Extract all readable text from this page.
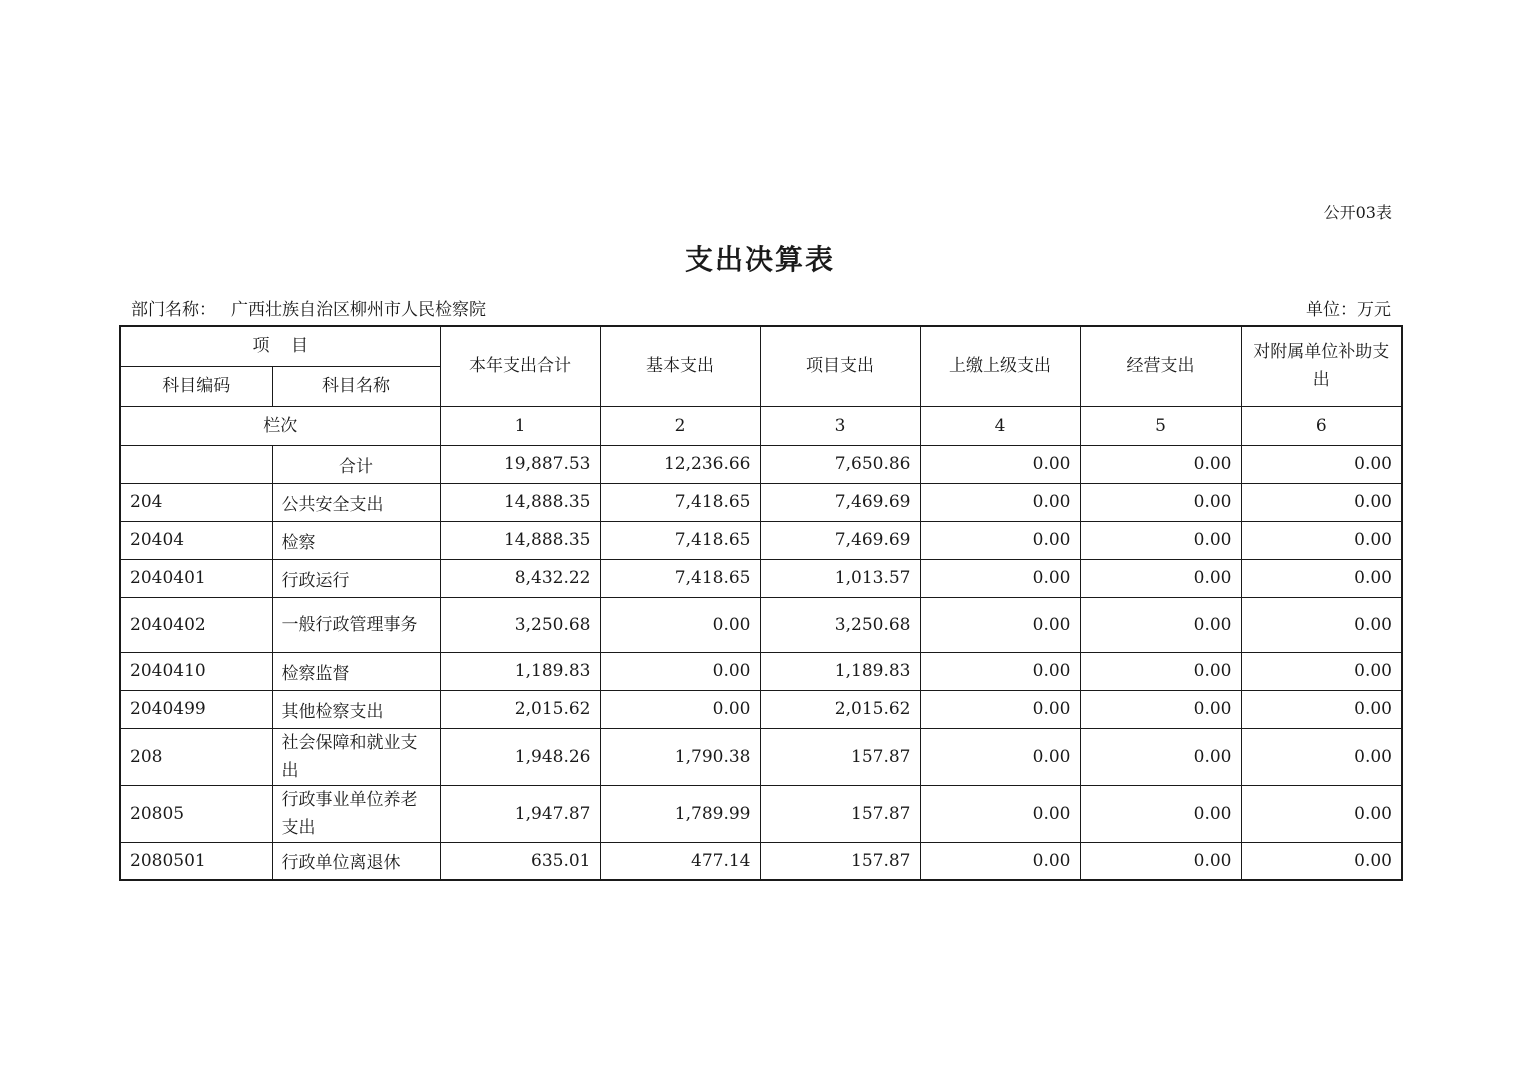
公开03表
支出决算表
部门名称： 广西壮族自治区柳州市人民检察院	单位：万元
项    目		本年支出合计	基本支出	项目支出	上缴上级支出	经营支出	对附属单位补助支出
科目编码	科目名称						
栏次		1	2	3	4	5	6
	合计	19,887.53	12,236.66	7,650.86	0.00	0.00	0.00
204	公共安全支出	14,888.35	7,418.65	7,469.69	0.00	0.00	0.00
20404	检察	14,888.35	7,418.65	7,469.69	0.00	0.00	0.00
2040401	行政运行	8,432.22	7,418.65	1,013.57	0.00	0.00	0.00
2040402	一般行政管理事务	3,250.68	0.00	3,250.68	0.00	0.00	0.00
2040410	检察监督	1,189.83	0.00	1,189.83	0.00	0.00	0.00
2040499	其他检察支出	2,015.62	0.00	2,015.62	0.00	0.00	0.00
208	社会保障和就业支出	1,948.26	1,790.38	157.87	0.00	0.00	0.00
20805	行政事业单位养老支出	1,947.87	1,789.99	157.87	0.00	0.00	0.00
2080501	行政单位离退休	635.01	477.14	157.87	0.00	0.00	0.00
